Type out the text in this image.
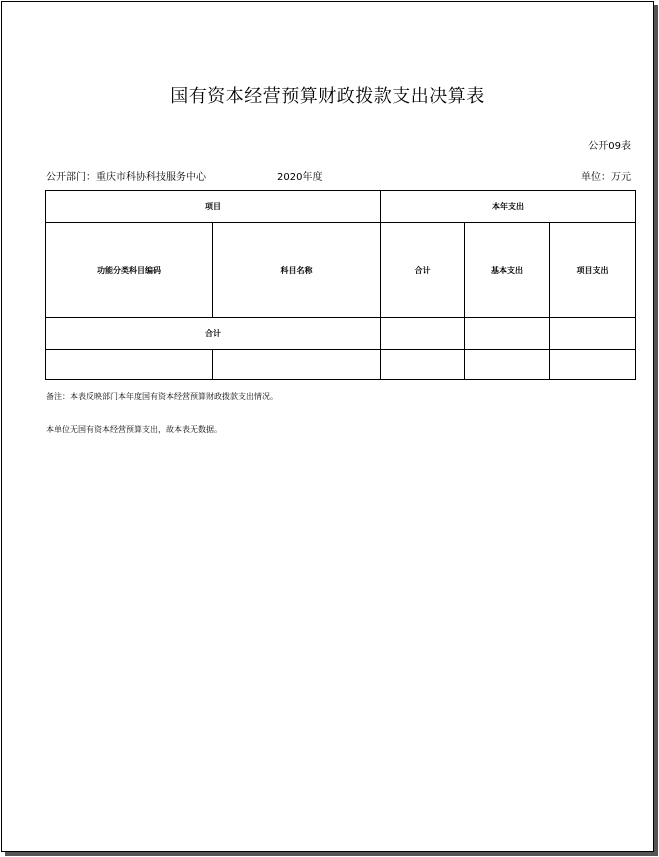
国有资本经营预算财政拨款支出决算表
公开09表
公开部门：重庆市科协科技服务中心	2020年度	单位：万元
项目		本年支出		
功能分类科目编码	科目名称	合计	基本支出	项目支出
合计				

备注：本表反映部门本年度国有资本经营预算财政拨款支出情况。
本单位无国有资本经营预算支出，故本表无数据。
